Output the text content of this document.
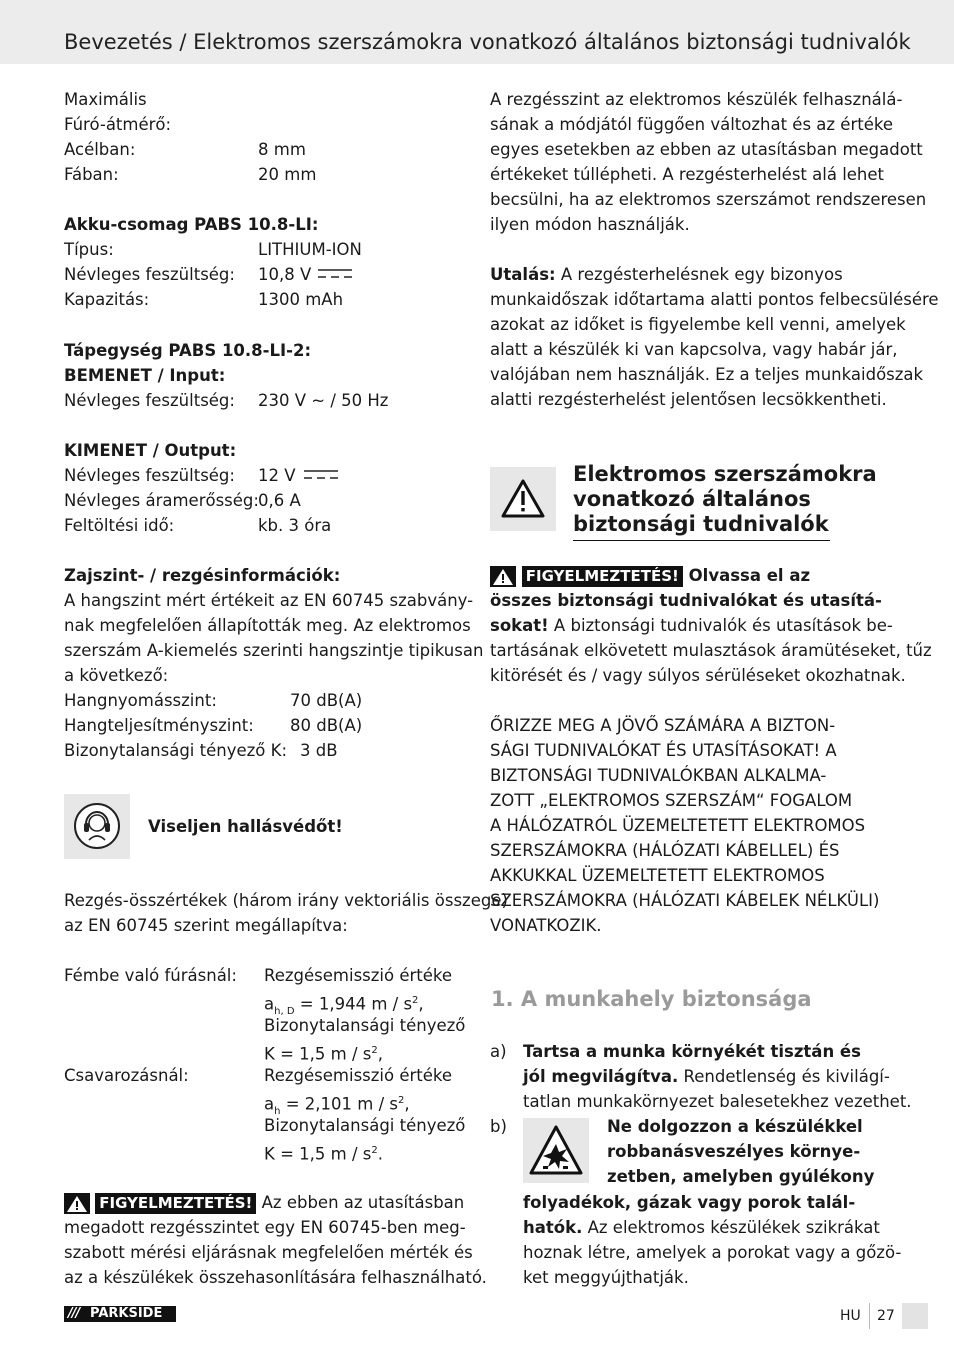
Bevezetés / Elektromos szerszámokra vonatkozó általános biztonsági tudnivalók
Maximális
Fúró-átmérő:
Acélban:	8 mm
Fában:	20 mm
Akku-csomag PABS 10.8-LI:
Típus:	LITHIUM-ION
Névleges feszültség: 10,8 V
Kapazitás:	1300 mAh
Tápegység PABS 10.8-LI-2:
BEMENET / Input:
Névleges feszültség: 230 V ~ / 50 Hz
KIMENET / Output:
Névleges feszültség: 12 V
Névleges áramerősség: 0,6 A
Feltöltési idő:	kb. 3 óra
Zajszint- / rezgésinformációk:
A hangszint mért értékeit az EN 60745 szabvány-
nak megfelelően állapították meg. Az elektromos
szerszám A-kiemelés szerinti hangszintje tipikusan
a következő:
Hangnyomásszint:	70 dB(A)
Hangteljesítményszint: 80 dB(A)
Bizonytalansági tényező K: 3 dB
Viseljen hallásvédőt!
Rezgés-összértékek (három irány vektoriális összege)
az EN 60745 szerint megállapítva:
Fémbe való fúrásnál: Rezgésemisszió értéke
$a_{h, D} = 1,944$ m / $s^2$,
Bizonytalansági tényező
K = 1,5 m / $s^2$,
Csavarozásnál:	Rezgésemisszió értéke
$a_h = 2,101$ m / $s^2$,
Bizonytalansági tényező
K = 1,5 m / $s^2$.
FIGYELMEZTETÉS! Az ebben az utasításban
megadott rezgésszintet egy EN 60745-ben meg-
szabott mérési eljárásnak megfelelően mérték és
az a készülékek összehasonlítására felhasználható.
A rezgésszint az elektromos készülék felhasználá-
sának a módjától függően változhat és az értéke
egyes esetekben az ebben az utasításban megadott
értékeket túllépheti. A rezgésterhelést alá lehet
becsülni, ha az elektromos szerszámot rendszeresen
ilyen módon használják.
Utalás: A rezgésterhelésnek egy bizonyos
munkaidőszak időtartama alatti pontos felbecsülésére
azokat az időket is figyelembe kell venni, amelyek
alatt a készülék ki van kapcsolva, vagy habár jár,
valójában nem használják. Ez a teljes munkaidőszak
alatti rezgésterhelést jelentősen lecsökkentheti.
Elektromos szerszámokra
vonatkozó általános
biztonsági tudnivalók
FIGYELMEZTETÉS! Olvassa el az
összes biztonsági tudnivalókat és utasítá-
sokat! A biztonsági tudnivalók és utasítások be-
tartásának elkövetett mulasztások áramütéseket, tűz
kitörését és / vagy súlyos sérüléseket okozhatnak.
ŐRIZZE MEG A JÖVŐ SZÁMÁRA A BIZTON-
SÁGI TUDNIVALÓKAT ÉS UTASÍTÁSOKAT! A
BIZTONSÁGI TUDNIVALÓKBAN ALKALMA-
ZOTT „ELEKTROMOS SZERSZÁM“ FOGALOM
A HÁLÓZATRÓL ÜZEMELTETETT ELEKTROMOS
SZERSZÁMOKRA (HÁLÓZATI KÁBELLEL) ÉS
AKKUKKAL ÜZEMELTETETT ELEKTROMOS
SZERSZÁMOKRA (HÁLÓZATI KÁBELEK NÉLKÜLI)
VONATKOZIK.
1. A munkahely biztonsága
a) Tartsa a munka környékét tisztán és
jól megvilágítva. Rendetlenség és kivilágí-
tatlan munkakörnyezet balesetekhez vezethet.
b)	Ne dolgozzon a készülékkel
robbanásveszélyes környe-
zetben, amelyben gyúlékony
folyadékok, gázak vagy porok talál-
hatók. Az elektromos készülékek szikrákat
hoznak létre, amelyek a porokat vagy a gőzö-
ket meggyújthatják.
/// PARKSIDE	HU 27
